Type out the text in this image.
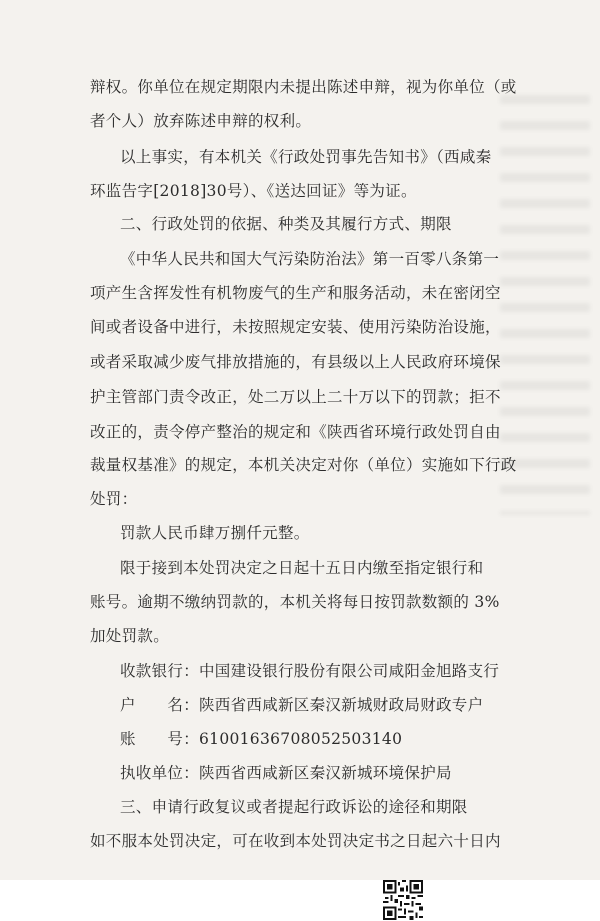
辩权。你单位在规定期限内未提出陈述申辩，视为你单位（或
者个人）放弃陈述申辩的权利。
以上事实，有本机关《行政处罚事先告知书》（西咸秦
环监告字[2018]30号）、《送达回证》等为证。
二、行政处罚的依据、种类及其履行方式、期限
《中华人民共和国大气污染防治法》第一百零八条第一
项产生含挥发性有机物废气的生产和服务活动，未在密闭空
间或者设备中进行，未按照规定安装、使用污染防治设施，
或者采取减少废气排放措施的，有县级以上人民政府环境保
护主管部门责令改正，处二万以上二十万以下的罚款；拒不
改正的，责令停产整治的规定和《陕西省环境行政处罚自由
裁量权基准》的规定，本机关决定对你（单位）实施如下行政
处罚：
罚款人民币肆万捌仟元整。
限于接到本处罚决定之日起十五日内缴至指定银行和
账号。逾期不缴纳罚款的，本机关将每日按罚款数额的 3%
加处罚款。
收款银行：中国建设银行股份有限公司咸阳金旭路支行
户　　名：陕西省西咸新区秦汉新城财政局财政专户
账　　号：61001636708052503140
执收单位：陕西省西咸新区秦汉新城环境保护局
三、申请行政复议或者提起行政诉讼的途径和期限
如不服本处罚决定，可在收到本处罚决定书之日起六十日内
